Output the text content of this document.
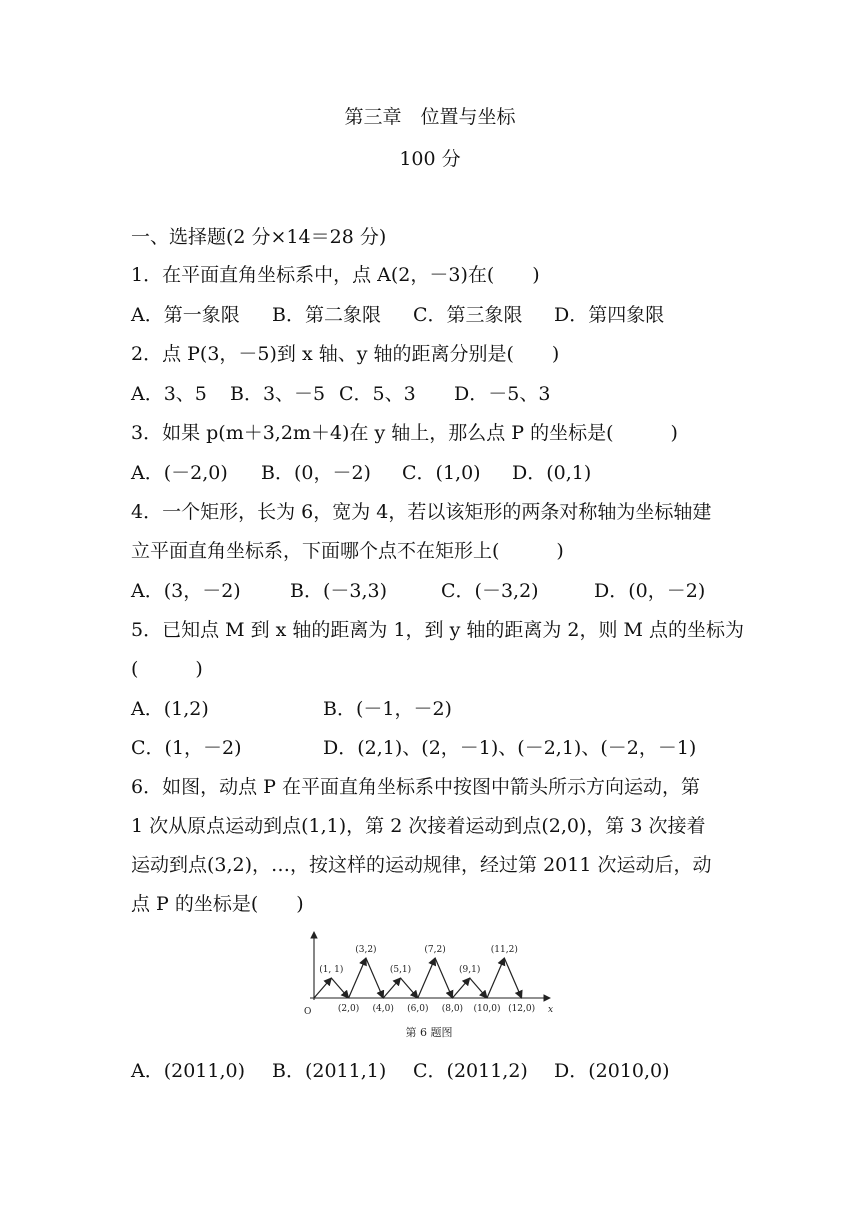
第三章　位置与坐标
100 分
一、选择题(2 分×14＝28 分)
1．在平面直角坐标系中，点 A(2，－3)在(　　)
A．第一象限 B．第二象限 C．第三象限 D．第四象限
2．点 P(3，－5)到 x 轴、y 轴的距离分别是(　　)
A．3、5 B．3、－5 C．5、3 D．－5、3
3．如果 p(m＋3,2m＋4)在 y 轴上，那么点 P 的坐标是(　　　)
A．(－2,0) B．(0，－2) C．(1,0) D．(0,1)
4．一个矩形，长为 6，宽为 4，若以该矩形的两条对称轴为坐标轴建
立平面直角坐标系，下面哪个点不在矩形上(　　　)
A．(3，－2)	B．(－3,3)	C．(－3,2)	D．(0，－2)
5．已知点 M 到 x 轴的距离为 1，到 y 轴的距离为 2，则 M 点的坐标为
(　　　)
A．(1,2)	B．(－1，－2)
C．(1，－2)	D．(2,1)、(2，－1)、(－2,1)、(－2，－1)
6．如图，动点 P 在平面直角坐标系中按图中箭头所示方向运动，第
1 次从原点运动到点(1,1)，第 2 次接着运动到点(2,0)，第 3 次接着
运动到点(3,2)，…，按这样的运动规律，经过第 2011 次运动后，动
点 P 的坐标是(　　)
(1, 1)
(3,2)
(5,1)
(7,2)
(9,1)
(11,2)
(2,0) (4,0) (6,0) (8,0) (10,0) (12,0)
O	x
第 6 题图
A．(2011,0) B．(2011,1) C．(2011,2) D．(2010,0)
